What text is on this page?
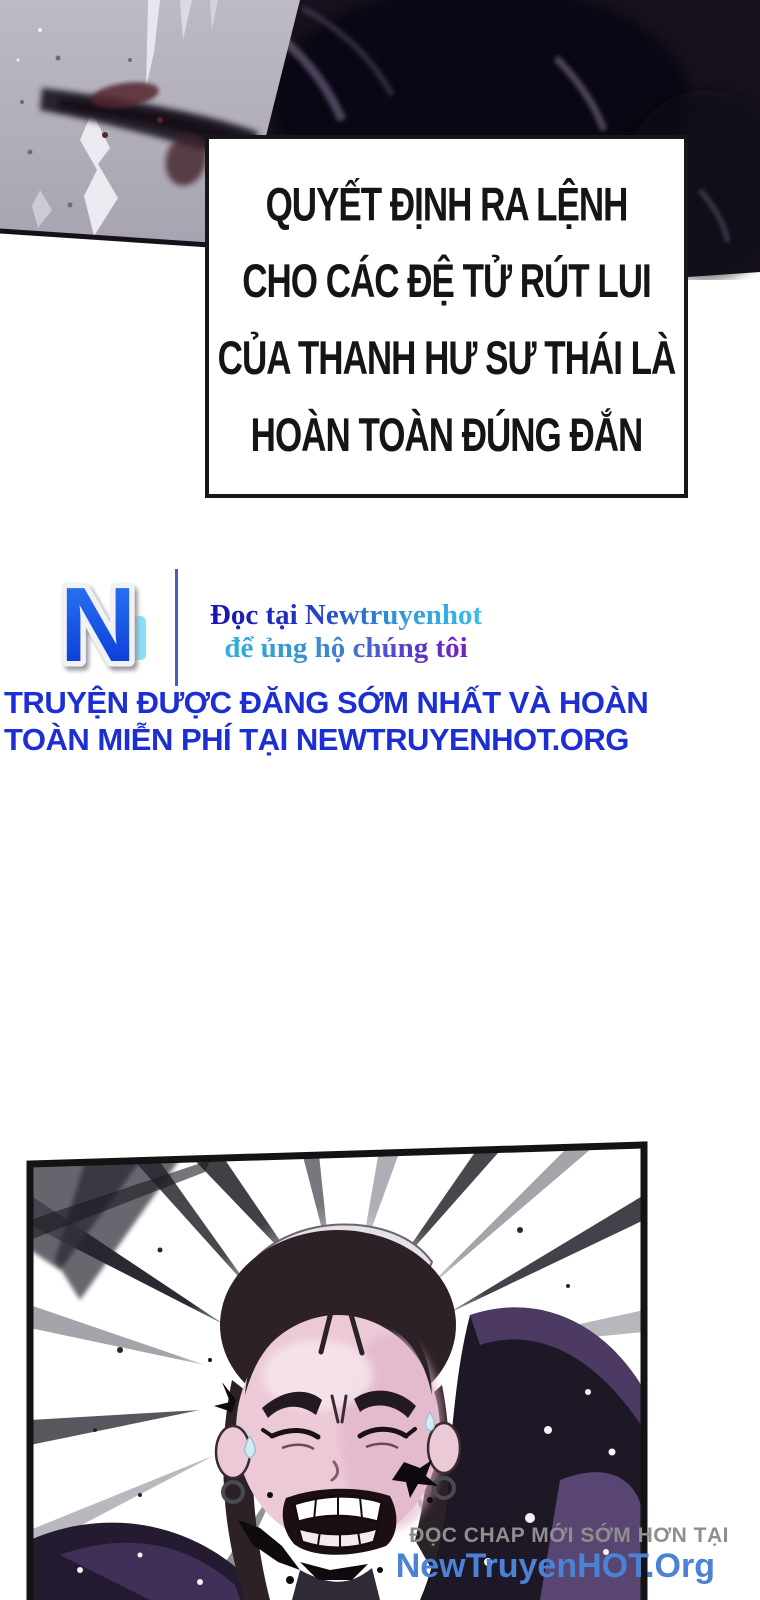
QUYẾT ĐỊNH RA LỆNH
CHO CÁC ĐỆ TỬ RÚT LUI
CỦA THANH HƯ SƯ THÁI LÀ
HOÀN TOÀN ĐÚNG ĐẮN
N	Đọc tại Newtruyenhot
để ủng hộ chúng tôi
TRUYỆN ĐƯỢC ĐĂNG SỚM NHẤT VÀ HOÀN
TOÀN MIỄN PHÍ TẠI NEWTRUYENHOT.ORG
ĐỌC CHAP MỚI SỚM HƠN TẠI
NewTruyenHOT.Org
